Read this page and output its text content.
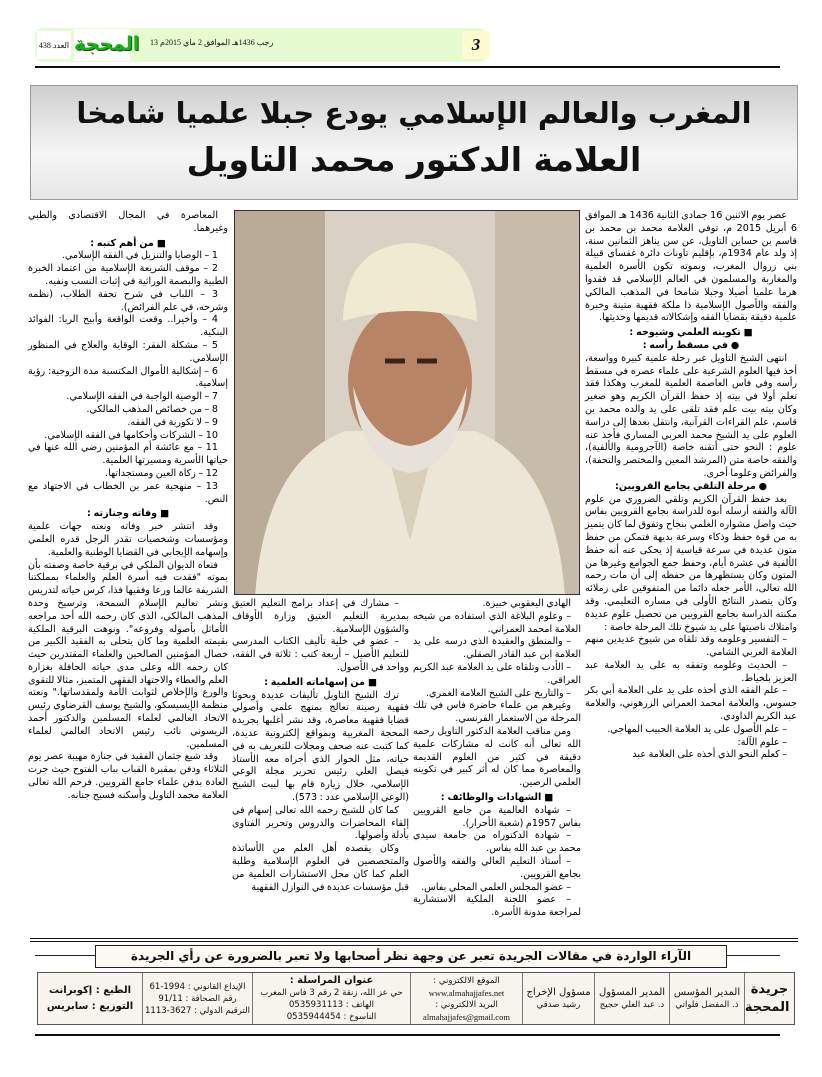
العدد 438 المحجة 13 رجب 1436هـ الموافق 2 ماي 2015م	3
المغرب والعالم الإسلامي يودع جبلا علميا شامخا
العلامة الدكتور محمد التاويل

عصر يوم الاثنين 16 جمادى الثانية 1436 هـ الموافق 6 أبريل 2015 م، توفي العلامة محمد بن محمد بن قاسم بن حساين التاويل، عن سن يناهز الثمانين سنة، إذ ولد عام 1934م، بإقليم تاونات دائرة غفساي قبيلة بني زروال المغرب، وبموته تكون الأسرة العلمية والمغاربة والمسلمون في العالم الإسلامي قد فقدوا هرما علميا أصيلا وجبلا شامخا في المذهب المالكي والفقه والأصول الإسلامية ذا ملكة فقهية متينة وخبرة علمية دقيقة بقضايا الفقه وإشكالاته قديمها وحديثها.

■ تكوينه العلمي وشيوخه :

● في مسقط رأسه :

انتهى الشيخ التاويل عبر رحلة علمية كبيرة وواسعة، أخذ فيها العلوم الشرعية على علماء عصره في مسقط رأسه وفي فاس العاصمة العلمية للمغرب وهكذا فقد تعلم أولا في بيته إذ حفظ القرآن الكريم وهو صغير وكان بيته بيت علم فقد تلقى على يد والده محمد بن قاسم، علم القراءات القرآنية، وانتقل بعدها إلى دراسة العلوم على يد الشيخ محمد العربي المساري فأخذ عنه علوم : النحو حتى أتقنه خاصة (الآجرومية والألفية)، والفقه خاصة متن (المرشد المعين والمختصر والتحفة)، والفرائض وعلوما أخرى.

● مرحلة التلقي بجامع القرويين:

بعد حفظ القرآن الكريم وتلقي الضروري من علوم الآلة والفقه أرسله أبوه للدراسة بجامع القرويين بفاس حيث واصل مشواره العلمي بنجاح وتفوق لما كان يتميز به من قوة حفظ وذكاء وسرعة بديهة فتمكن من حفظ متون عديدة في سرعة قياسية إذ يحكى عنه أنه حفظ الألفية في عشرة أيام، وحفظ جمع الجوامع وغيرها من المتون وكان يستظهرها من حفظه إلى أن مات رحمه الله تعالى، الأمر جعله دائما من المتفوقين على زملائه وكان يتصدر النتائج الأولى في مساره التعليمي. وقد مكنته الدراسة بجامع القرويين من تحصيل علوم عديدة وامتلاك ناصيتها على يد شيوخ تلك المرحلة خاصة :

– التفسير وعلومه وقد تلقاه من شيوخ عديدين منهم العلامة العربي الشامي.

– الحديث وعلومه وتفقه به على يد العلامة عبد العزيز بلخياط.

– علم الفقه الذي أخذه على يد على العلامة أبي بكر جسوس، والعلامة امحمد العمراني الزرهوني، والعلامة عبد الكريم الداودي.

– علم الأصول على يد العلامة الحبيب المهاجي.

– علوم الآلة:

– كعلم النحو الذي أخذه على العلامة عبد

الهادي اليعقوبي خبيزة.

– وعلوم البلاغة الذي استفاده من شيخه العلامة امحمد العمراني.

– والمنطق والعقيدة الذي درسه على يد العلامة ابن عبد القادر الصقلي.

– الأدب وتلقاه على يد العلامة عبد الكريم العراقي.

– والتاريخ على الشيخ العلامة الغمري.

وغيرهم من علماء حاضرة فاس في تلك المرحلة من الاستعمار الفرنسي.

ومن مناقب العلامة الدكتور التاويل رحمه الله تعالى أنه كانت له مشاركات علمية دقيقة في كثير من العلوم القديمة والمعاصرة مما كان له أثر كبير في تكوينه العلمي الرصين.

■ الشهادات والوظائف :

– شهادة العالمية من جامع القرويين بفاس 1957م (شعبة الأحرار).

– شهادة الدكتوراه من جامعة سيدي محمد بن عبد الله بفاس.

– أستاذ التعليم العالي والفقه والأصول بجامع القرويين.

– عضو المجلس العلمي المحلي بفاس.

– عضو اللجنة الملكية الاستشارية لمراجعة مدونة الأسرة.

– مشارك في إعداد برامج التعليم العتيق بمديرية التعليم العتيق وزارة الأوقاف والشؤون الإسلامية.

– عضو في خلية تأليف الكتاب المدرسي للتعليم الأصيل – أربعة كتب : ثلاثة في الفقه، وواحد في الأصول.

■ من إسهاماته العلمية :

ترك الشيخ التاويل تأليفات عديدة وبحوثا فقهية رصينة تعالج بمنهج علمي وأصولي قضايا فقهية معاصرة، وقد نشر أغلبها بجريدة المحجة المغربية وبمواقع إلكترونية عديدة، كما كتبت عنه صحف ومجلات للتعريف به في حياته، مثل الحوار الذي أجراه معه الأستاذ فيصل العلي رئيس تحرير مجلة الوعي الإسلامي، خلال زيارة قام بها لبيت الشيخ (الوعي الإسلامي عدد : 573).

كما كان للشيخ رحمه الله تعالى إسهام في إلقاء المحاضرات والدروس وتحرير الفتاوى بأدلة وأصولها.

وكان يقصده أهل العلم من الأساتذة والمتخصصين في العلوم الإسلامية وطلبة العلم كما كان محل الاستشارات العلمية من قبل مؤسسات عديدة في النوازل الفقهية

المعاصرة في المجال الاقتصادي والطبي وغيرهما.

■ من أهم كتبه :

1 – الوصايا والتنزيل في الفقه الإسلامي.

2 – موقف الشريعة الإسلامية من اعتماد الخبرة الطبية والبصمة الوراثية في إثبات النسب ونفيه.

3 – اللباب في شرح تحفة الطلاب، (نظمه وشرحه، في علم الفرائض).

4 – وأخيرا.. وقعت الواقعة وأبيح الربا: الفوائد البنكية.

5 – مشكلة الفقر: الوقاية والعلاج في المنظور الإسلامي.

6 – إشكالية الأموال المكتسبة مدة الزوجية: رؤية إسلامية.

7 – الوصية الواجبة في الفقه الإسلامي.

8 – من خصائص المذهب المالكي.

9 – لا تكورية في الفقه.

10 – الشركات وأحكامها في الفقه الإسلامي.

11 – مع عائشة أم المؤمنين رضي الله عنها في حياتها الأسرية ومسيرتها العلمية.

12 – زكاة العين ومستجداتها.

13 – منهجية عمر بن الخطاب في الاجتهاد مع النص.

■ وفاته وجنازته :

وقد انتشر خبر وفاته ونعته جهات علمية ومؤسسات وشخصيات تقدر الرجل قدره العلمي وإسهامه الإيجابي في القضايا الوطنية والعلمية.

فنعاه الديوان الملكي في برقية خاصة وصفته بأن بموته "فقدت فيه أسرة العلم والعلماء بمملكتنا الشريفة عالما ورعا وفقيها فذا، كرس حياته لتدريس ونشر تعاليم الإسلام السمحة، وترسيخ وحدة المذهب المالكي، الذي كان رحمه الله أحد مراجعه الأماثل بأصوله وفروعه". ونوهت البرقية الملكية بقيمته العلمية وما كان يتحلى به الفقيد الكبير من خصال المؤمنين الصالحين والعلماء المقتدرين حيث كان رحمه الله وعلى مدى حياته الحافلة بغزارة العلم والعطاء والاجتهاد الفقهي المتميز، مثالا للتقوى والورع والإخلاص لثوابت الأمة ولمقدساتها." ونعته منظمة الإيسيسكو، والشيخ يوسف القرضاوي رئيس الاتحاد العالمي لعلماء المسلمين والدكتور أحمد الريسوني نائب رئيس الاتحاد العالمي لعلماء المسلمين.

وقد شيع جثمان الفقيد في جنازة مهيبة عصر يوم الثلاثاء ودفن بمقبرة القباب بباب الفتوح حيث جرت العادة بدفن علماء جامع القرويين. فرحم الله تعالى العلامة محمد التاويل وأسكنه فسيح جنانه.

الآراء الواردة في مقالات الجريدة تعبر عن وجهة نظر أصحابها ولا تعبر بالضرورة عن رأي الجريدة
جريدة المحجة
المدير المؤسس
ذ. المفضل فلواتي
المدير المسؤول
د. عبد العلي حجيج
مسؤول الإخراج
رشيد صدقي
الموقع الالكتروني :
www.almahajjafes.net
البريد الالكتروني :
almahajjafes@gmail.com
عنوان المراسلة :
حي عز الله، زنقة 2 رقم 3 فاس المغرب
الهاتف : 0535931113
الناسوخ : 0535944454
الإيداع القانوني : 1994-61
رقم الصحافة : 91/11
الترقيم الدولي : 3627-1113
الطبع : إكوبرانت
التوزيع : سابريس
